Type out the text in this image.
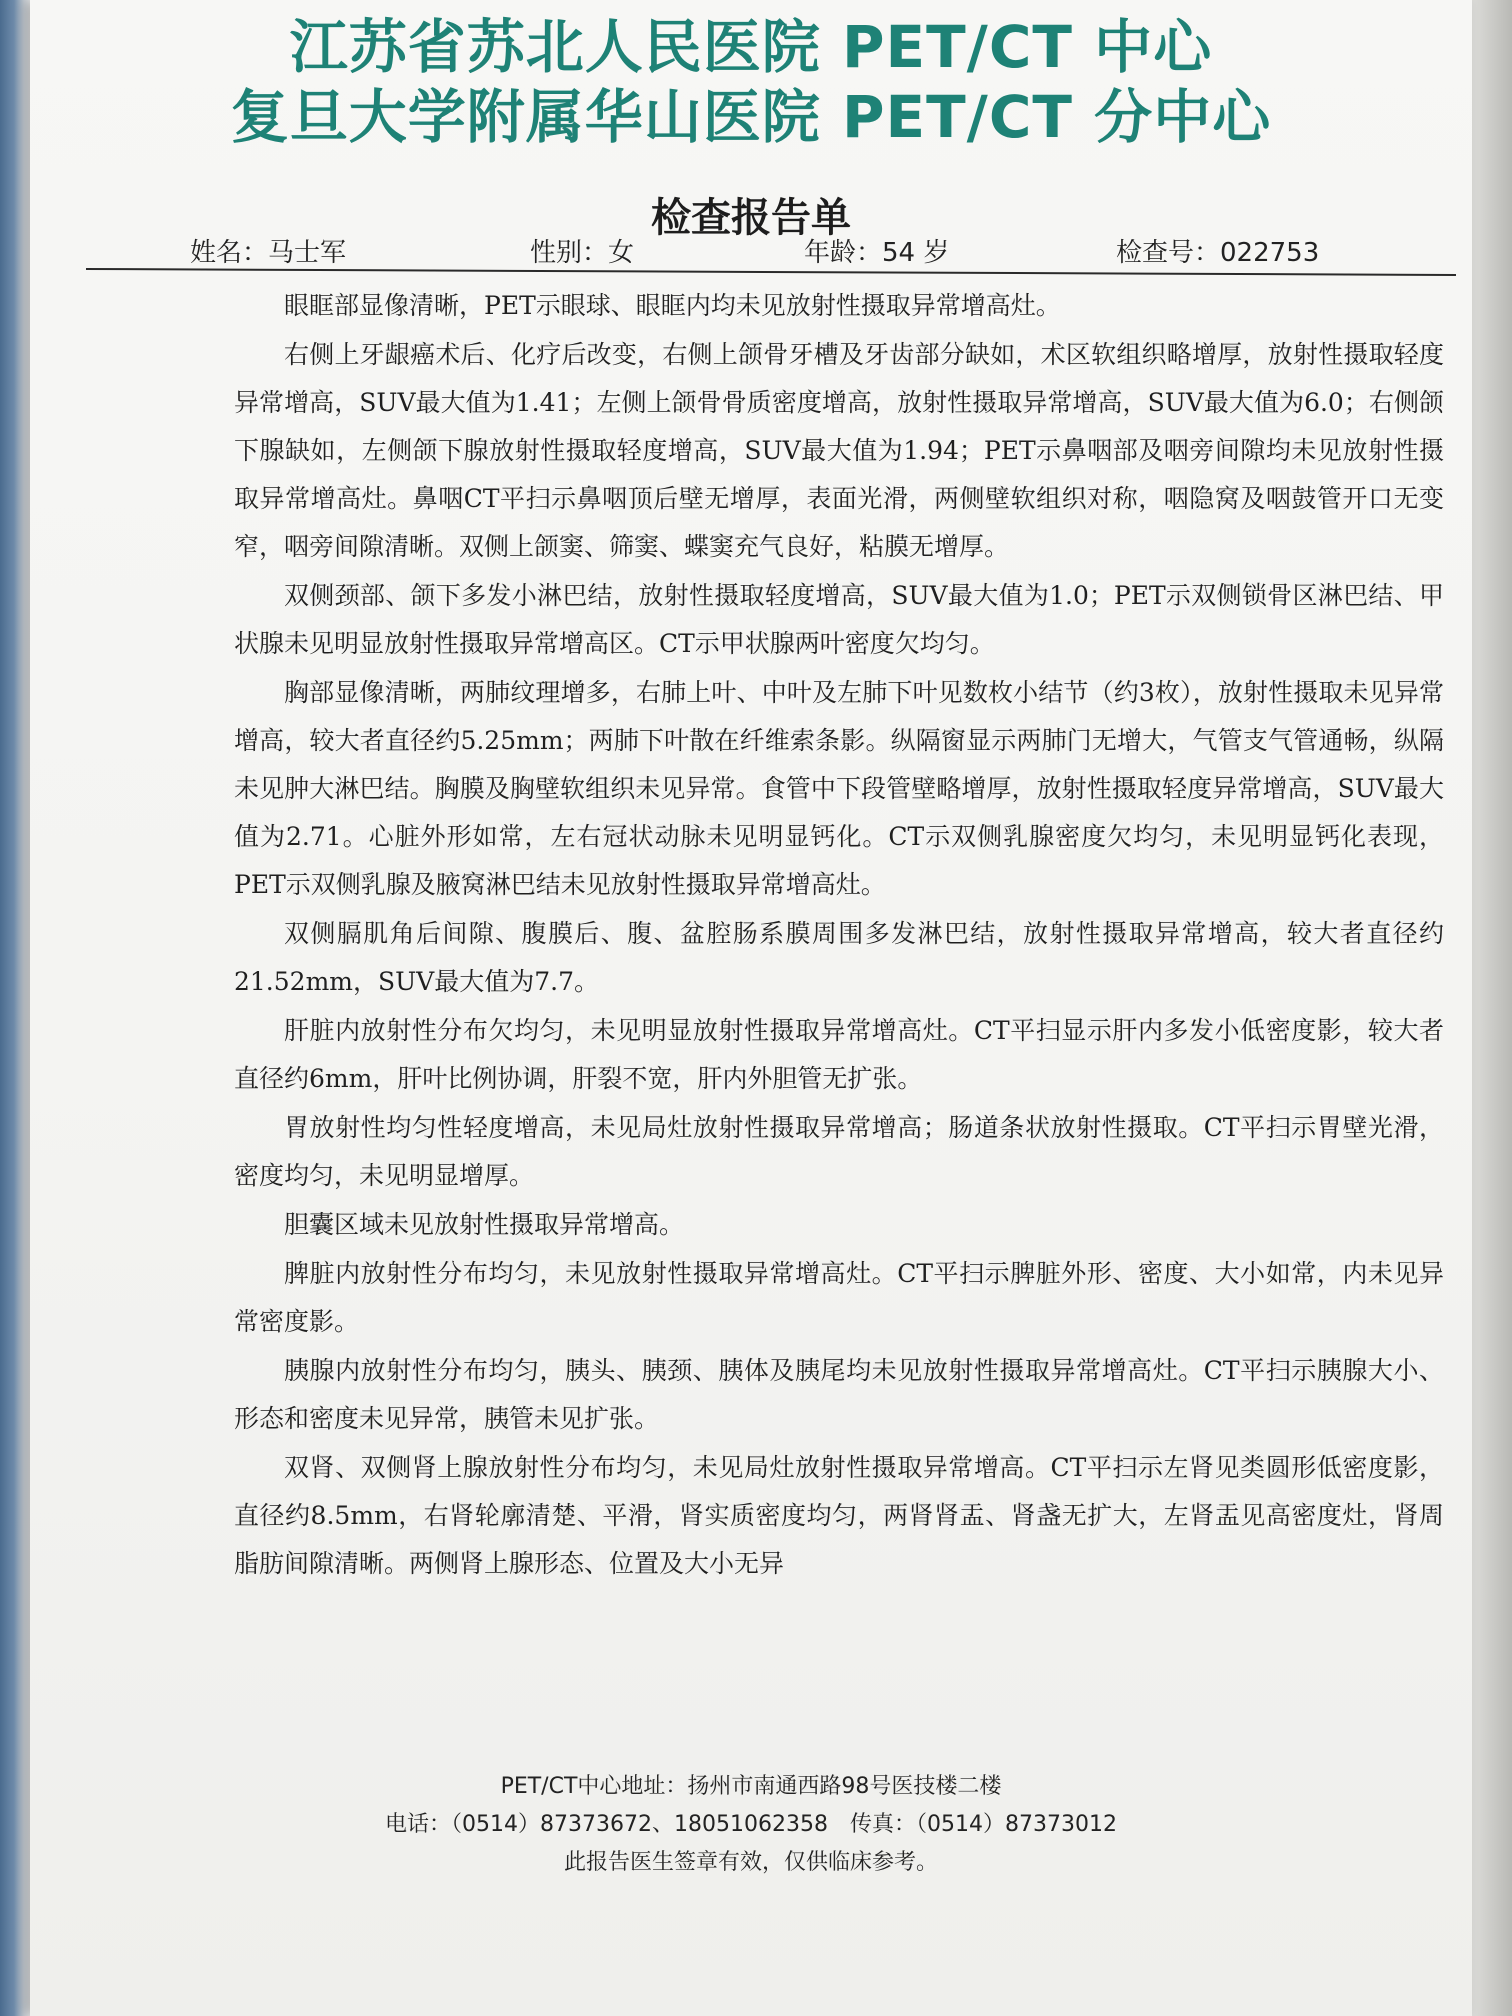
江苏省苏北人民医院 PET/CT 中心
复旦大学附属华山医院 PET/CT 分中心
检查报告单
姓名：马士军	性别：女	年龄：54 岁	检查号：022753

眼眶部显像清晰，PET示眼球、眼眶内均未见放射性摄取异常增高灶。

右侧上牙龈癌术后、化疗后改变，右侧上颌骨牙槽及牙齿部分缺如，术区软组织略增厚，放射性摄取轻度异常增高，SUV最大值为1.41；左侧上颌骨骨质密度增高，放射性摄取异常增高，SUV最大值为6.0；右侧颌下腺缺如，左侧颌下腺放射性摄取轻度增高，SUV最大值为1.94；PET示鼻咽部及咽旁间隙均未见放射性摄取异常增高灶。鼻咽CT平扫示鼻咽顶后壁无增厚，表面光滑，两侧壁软组织对称，咽隐窝及咽鼓管开口无变窄，咽旁间隙清晰。双侧上颌窦、筛窦、蝶窦充气良好，粘膜无增厚。

双侧颈部、颌下多发小淋巴结，放射性摄取轻度增高，SUV最大值为1.0；PET示双侧锁骨区淋巴结、甲状腺未见明显放射性摄取异常增高区。CT示甲状腺两叶密度欠均匀。

胸部显像清晰，两肺纹理增多，右肺上叶、中叶及左肺下叶见数枚小结节（约3枚），放射性摄取未见异常增高，较大者直径约5.25mm；两肺下叶散在纤维索条影。纵隔窗显示两肺门无增大，气管支气管通畅，纵隔未见肿大淋巴结。胸膜及胸壁软组织未见异常。食管中下段管壁略增厚，放射性摄取轻度异常增高，SUV最大值为2.71。心脏外形如常，左右冠状动脉未见明显钙化。CT示双侧乳腺密度欠均匀，未见明显钙化表现，PET示双侧乳腺及腋窝淋巴结未见放射性摄取异常增高灶。

双侧膈肌角后间隙、腹膜后、腹、盆腔肠系膜周围多发淋巴结，放射性摄取异常增高，较大者直径约21.52mm，SUV最大值为7.7。

肝脏内放射性分布欠均匀，未见明显放射性摄取异常增高灶。CT平扫显示肝内多发小低密度影，较大者直径约6mm，肝叶比例协调，肝裂不宽，肝内外胆管无扩张。

胃放射性均匀性轻度增高，未见局灶放射性摄取异常增高；肠道条状放射性摄取。CT平扫示胃壁光滑，密度均匀，未见明显增厚。

胆囊区域未见放射性摄取异常增高。

脾脏内放射性分布均匀，未见放射性摄取异常增高灶。CT平扫示脾脏外形、密度、大小如常，内未见异常密度影。

胰腺内放射性分布均匀，胰头、胰颈、胰体及胰尾均未见放射性摄取异常增高灶。CT平扫示胰腺大小、形态和密度未见异常，胰管未见扩张。

双肾、双侧肾上腺放射性分布均匀，未见局灶放射性摄取异常增高。CT平扫示左肾见类圆形低密度影，直径约8.5mm，右肾轮廓清楚、平滑，肾实质密度均匀，两肾肾盂、肾盏无扩大，左肾盂见高密度灶，肾周脂肪间隙清晰。两侧肾上腺形态、位置及大小无异

PET/CT中心地址：扬州市南通西路98号医技楼二楼
电话：（0514）87373672、18051062358　传真：（0514）87373012
此报告医生签章有效，仅供临床参考。
